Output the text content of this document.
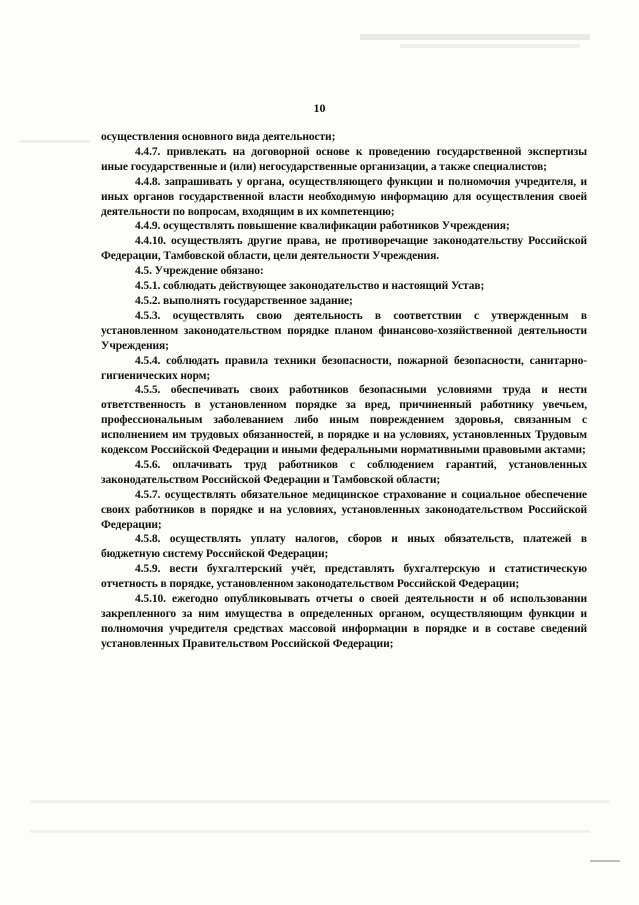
10

осуществления основного вида деятельности;

4.4.7. привлекать на договорной основе к проведению государственной экспертизы иные государственные и (или) негосударственные организации, а также специалистов;

4.4.8. запрашивать у органа, осуществляющего функции и полномочия учредителя, и иных органов государственной власти необходимую информацию для осуществления своей деятельности по вопросам, входящим в их компетенцию;

4.4.9. осуществлять повышение квалификации работников Учреждения;

4.4.10. осуществлять другие права, не противоречащие законодательству Российской Федерации, Тамбовской области, цели деятельности Учреждения.

4.5. Учреждение обязано:

4.5.1. соблюдать действующее законодательство и настоящий Устав;

4.5.2. выполнять государственное задание;

4.5.3. осуществлять свою деятельность в соответствии с утвержденным в установленном законодательством порядке планом финансово-хозяйственной деятельности Учреждения;

4.5.4. соблюдать правила техники безопасности, пожарной безопасности, санитарно-гигиенических норм;

4.5.5. обеспечивать своих работников безопасными условиями труда и нести ответственность в установленном порядке за вред, причиненный работнику увечьем, профессиональным заболеванием либо иным повреждением здоровья, связанным с исполнением им трудовых обязанностей, в порядке и на условиях, установленных Трудовым кодексом Российской Федерации и иными федеральными нормативными правовыми актами;

4.5.6. оплачивать труд работников с соблюдением гарантий, установленных законодательством Российской Федерации и Тамбовской области;

4.5.7. осуществлять обязательное медицинское страхование и социальное обеспечение своих работников в порядке и на условиях, установленных законодательством Российской Федерации;

4.5.8. осуществлять уплату налогов, сборов и иных обязательств, платежей в бюджетную систему Российской Федерации;

4.5.9. вести бухгалтерский учёт, представлять бухгалтерскую и статистическую отчетность в порядке, установленном законодательством Российской Федерации;

4.5.10. ежегодно опубликовывать отчеты о своей деятельности и об использовании закрепленного за ним имущества в определенных органом, осуществляющим функции и полномочия учредителя средствах массовой информации в порядке и в составе сведений установленных Правительством Российской Федерации;
